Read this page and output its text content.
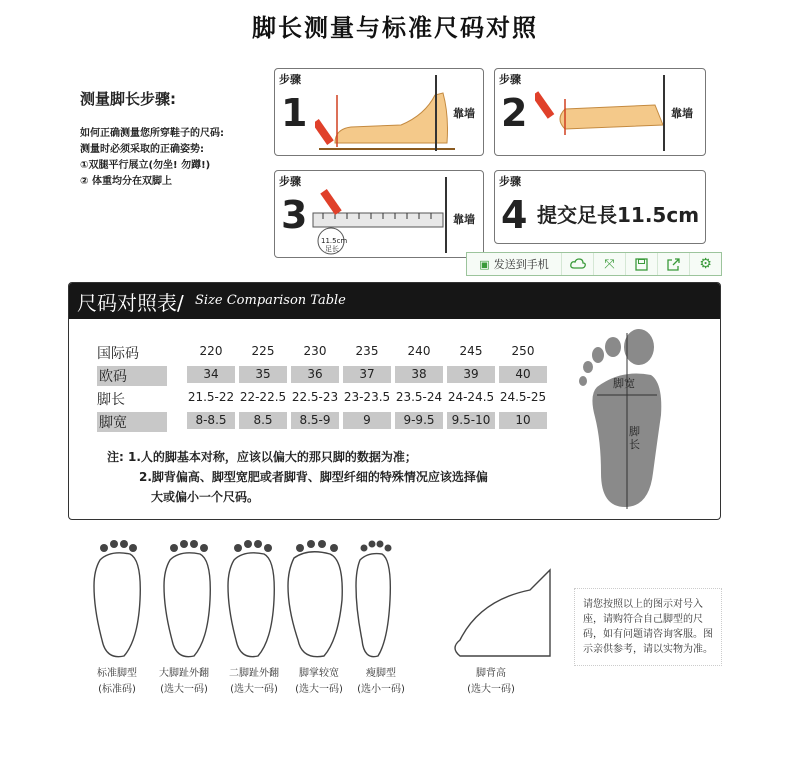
脚长测量与标准尺码对照
测量脚长步骤:
如何正确测量您所穿鞋子的尺码:
测量时必须采取的正确姿势:
①双腿平行展立(勿坐! 勿蹲!)
② 体重均分在双脚上
步骤
1	靠墙
步骤
2	靠墙
步骤
3
11.5cm
足长
靠墙
步骤
4 提交足長11.5cm
▣ 发送到手机	⤧	⚙
尺码对照表/ Size Comparison Table
国际码	220	225	230	235	240	245	250
欧码	34	35	36	37	38	39	40
脚长	21.5-22 22-22.5 22.5-23 23-23.5 23.5-24 24-24.5 24.5-25
脚宽	8-8.5	8.5	8.5-9	9	9-9.5	9.5-10	10
注: 1.人的脚基本对称，应该以偏大的那只脚的数据为准；
2.脚背偏高、脚型宽肥或者脚背、脚型纤细的特殊情况应该选择偏
大或偏小一个尺码。
脚宽
脚
长
标准脚型
(标准码)
大脚趾外翻
(选大一码)
二脚趾外翻
(选大一码)
脚掌较宽
(选大一码)
瘦脚型
(选小一码)
脚背高
(选大一码)
请您按照以上的图示对号入座，请购符合自己脚型的尺码，如有问题请咨询客服。图示亲供参考，请以实物为准。
